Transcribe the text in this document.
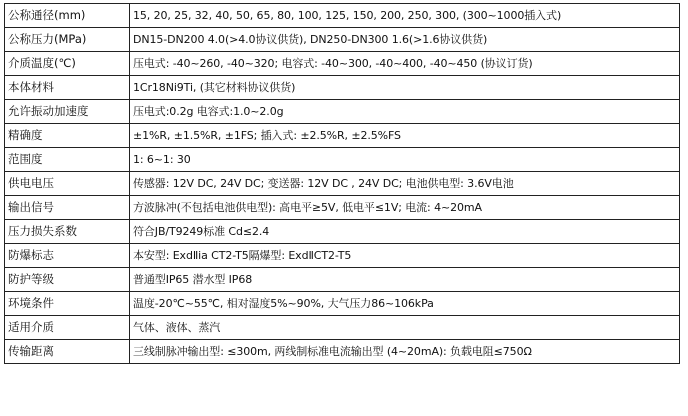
公称通径(mm)	15, 20, 25, 32, 40, 50, 65, 80, 100, 125, 150, 200, 250, 300, (300~1000插入式)
公称压力(MPa)	DN15-DN200 4.0(>4.0协议供货), DN250-DN300 1.6(>1.6协议供货)
介质温度(℃)	压电式: -40~260, -40~320; 电容式: -40~300, -40~400, -40~450 (协议订货)
本体材料	1Cr18Ni9Ti, (其它材料协议供货)
允许振动加速度	压电式:0.2g 电容式:1.0~2.0g
精确度	±1%R, ±1.5%R, ±1FS; 插入式: ±2.5%R, ±2.5%FS
范围度	1: 6~1: 30
供电电压	传感器: 12V DC, 24V DC; 变送器: 12V DC , 24V DC; 电池供电型: 3.6V电池
输出信号	方波脉冲(不包括电池供电型): 高电平≥5V, 低电平≤1V; 电流: 4~20mA
压力损失系数	符合JB/T9249标准 Cd≤2.4
防爆标志	本安型: ExdⅡia CT2-T5隔爆型: ExdⅡCT2-T5
防护等级	普通型IP65 潜水型 IP68
环境条件	温度-20℃~55℃, 相对湿度5%~90%, 大气压力86~106kPa
适用介质	气体、液体、蒸汽
传输距离	三线制脉冲输出型: ≤300m, 两线制标准电流输出型 (4~20mA): 负载电阻≤750Ω
